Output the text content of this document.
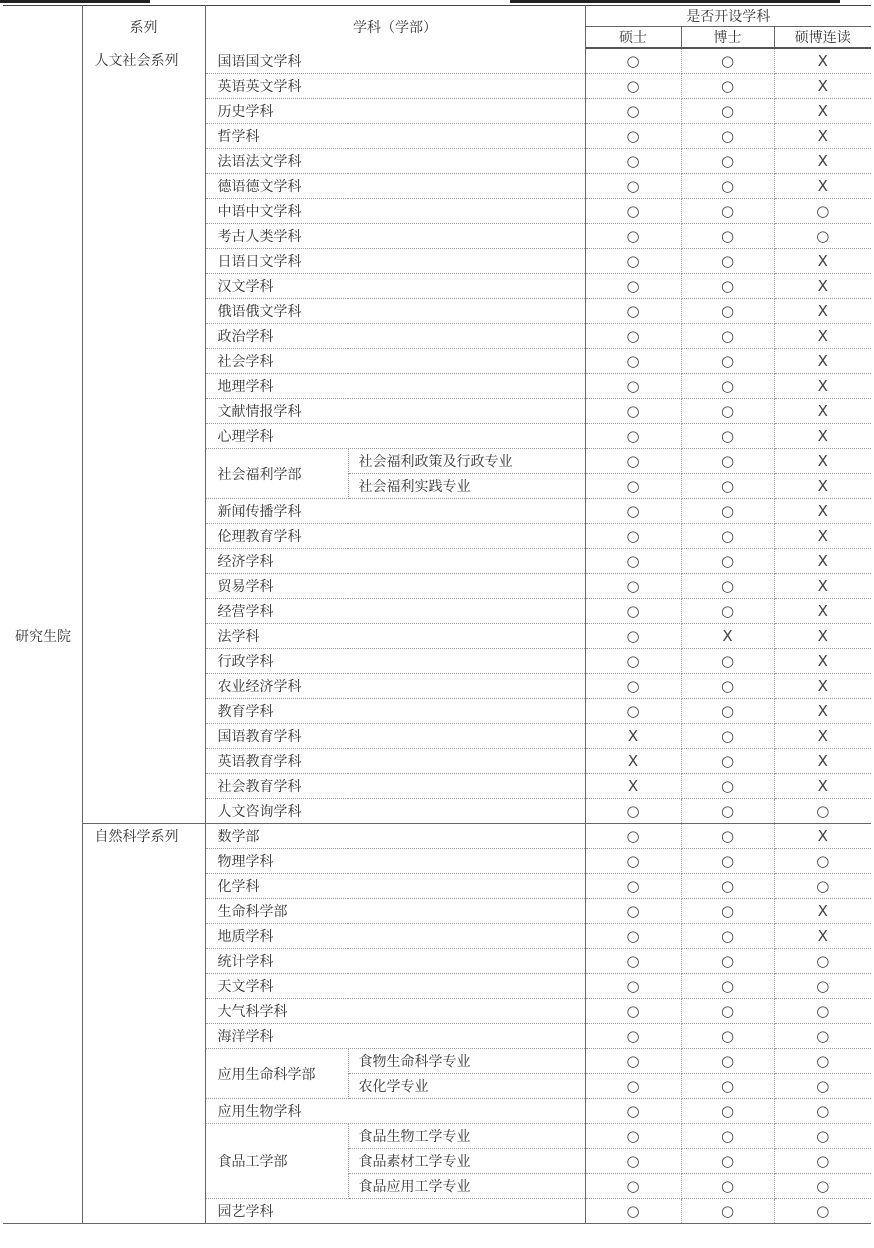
	系列	学科（学部）		是否开设学科		
				硕士	博士	硕博连读
研究生院	人文社会系列	国语国文学科		○	○	X
		英语英文学科		○	○	X
		历史学科		○	○	X
		哲学科		○	○	X
		法语法文学科		○	○	X
		德语德文学科		○	○	X
		中语中文学科		○	○	○
		考古人类学科		○	○	○
		日语日文学科		○	○	X
		汉文学科		○	○	X
		俄语俄文学科		○	○	X
		政治学科		○	○	X
		社会学科		○	○	X
		地理学科		○	○	X
		文献情报学科		○	○	X
		心理学科		○	○	X
		社会福利学部	社会福利政策及行政专业	○	○	X
			社会福利实践专业	○	○	X
		新闻传播学科		○	○	X
		伦理教育学科		○	○	X
		经济学科		○	○	X
		贸易学科		○	○	X
		经营学科		○	○	X
		法学科		○	X	X
		行政学科		○	○	X
		农业经济学科		○	○	X
		教育学科		○	○	X
		国语教育学科		X	○	X
		英语教育学科		X	○	X
		社会教育学科		X	○	X
		人文咨询学科		○	○	○
	自然科学系列	数学部		○	○	X
		物理学科		○	○	○
		化学科		○	○	○
		生命科学部		○	○	X
		地质学科		○	○	X
		统计学科		○	○	○
		天文学科		○	○	○
		大气科学科		○	○	○
		海洋学科		○	○	○
		应用生命科学部	食物生命科学专业	○	○	○
			农化学专业	○	○	○
		应用生物学科		○	○	○
		食品工学部	食品生物工学专业	○	○	○
			食品素材工学专业	○	○	○
			食品应用工学专业	○	○	○
		园艺学科		○	○	○
